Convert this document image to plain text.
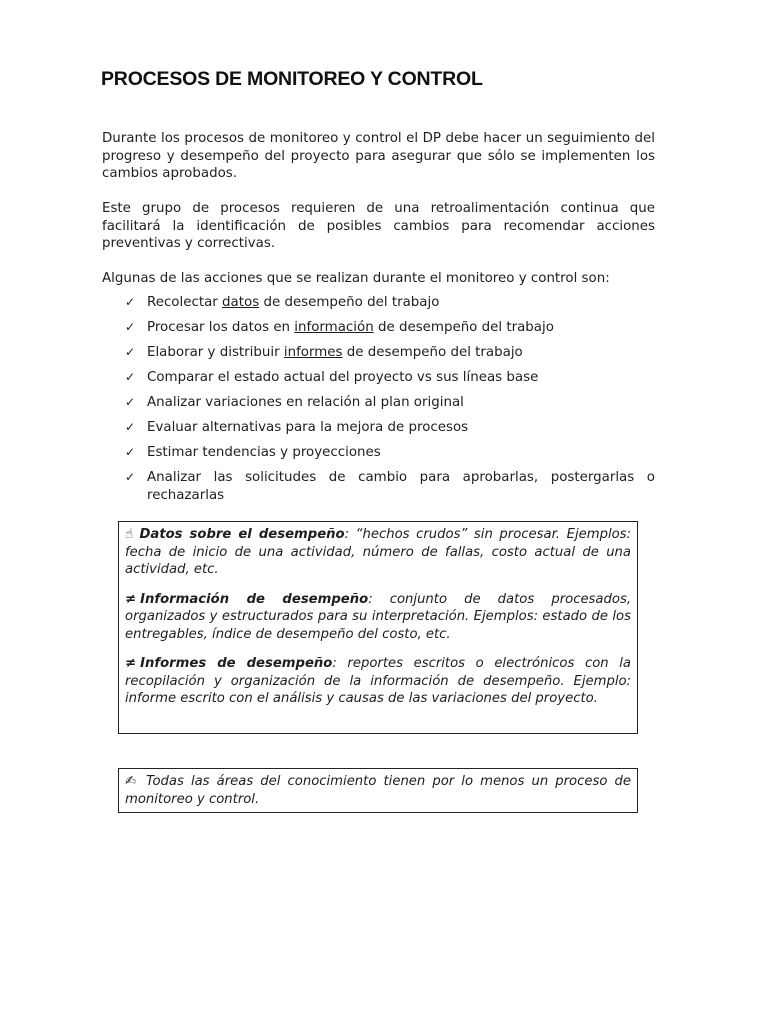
PROCESOS DE MONITOREO Y CONTROL

Durante los procesos de monitoreo y control el DP debe hacer un seguimiento del progreso y desempeño del proyecto para asegurar que sólo se implementen los cambios aprobados.

Este grupo de procesos requieren de una retroalimentación continua que facilitará la identificación de posibles cambios para recomendar acciones preventivas y correctivas.

Algunas de las acciones que se realizan durante el monitoreo y control son:

✓ Recolectar datos de desempeño del trabajo
✓ Procesar los datos en información de desempeño del trabajo
✓ Elaborar y distribuir informes de desempeño del trabajo
✓ Comparar el estado actual del proyecto vs sus líneas base
✓ Analizar variaciones en relación al plan original
✓ Evaluar alternativas para la mejora de procesos
✓ Estimar tendencias y proyecciones
✓ Analizar las solicitudes de cambio para aprobarlas, postergarlas o rechazarlas

☝ Datos sobre el desempeño: “hechos crudos” sin procesar. Ejemplos: fecha de inicio de una actividad, número de fallas, costo actual de una actividad, etc.

≠ Información de desempeño: conjunto de datos procesados, organizados y estructurados para su interpretación. Ejemplos: estado de los entregables, índice de desempeño del costo, etc.

≠ Informes de desempeño: reportes escritos o electrónicos con la recopilación y organización de la información de desempeño. Ejemplo: informe escrito con el análisis y causas de las variaciones del proyecto.

✍ Todas las áreas del conocimiento tienen por lo menos un proceso de monitoreo y control.
